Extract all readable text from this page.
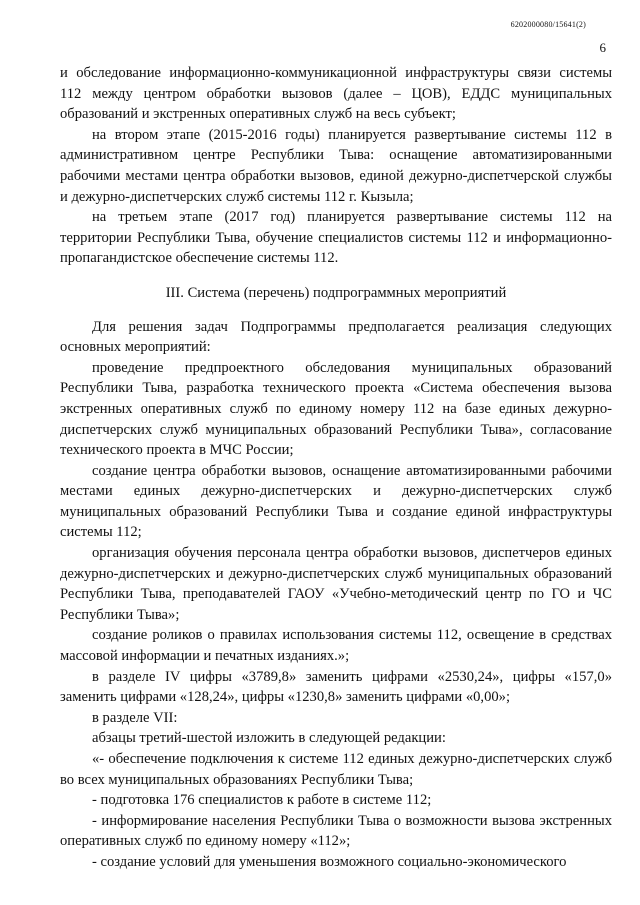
6202000080/15641(2)
6

и обследование информационно-коммуникационной инфраструктуры связи системы 112 между центром обработки вызовов (далее – ЦОВ), ЕДДС муниципальных образований и экстренных оперативных служб на весь субъект;

на втором этапе (2015-2016 годы) планируется развертывание системы 112 в административном центре Республики Тыва: оснащение автоматизированными рабочими местами центра обработки вызовов, единой дежурно-диспетчерской службы и дежурно-диспетчерских служб системы 112 г. Кызыла;

на третьем этапе (2017 год) планируется развертывание системы 112 на территории Республики Тыва, обучение специалистов системы 112 и информационно-пропагандистское обеспечение системы 112.

III. Система (перечень) подпрограммных мероприятий

Для решения задач Подпрограммы предполагается реализация следующих основных мероприятий:

проведение предпроектного обследования муниципальных образований Республики Тыва, разработка технического проекта «Система обеспечения вызова экстренных оперативных служб по единому номеру 112 на базе единых дежурно-диспетчерских служб муниципальных образований Республики Тыва», согласование технического проекта в МЧС России;

создание центра обработки вызовов, оснащение автоматизированными рабочими местами единых дежурно-диспетчерских и дежурно-диспетчерских служб муниципальных образований Республики Тыва и создание единой инфраструктуры системы 112;

организация обучения персонала центра обработки вызовов, диспетчеров единых дежурно-диспетчерских и дежурно-диспетчерских служб муниципальных образований Республики Тыва, преподавателей ГАОУ «Учебно-методический центр по ГО и ЧС Республики Тыва»;

создание роликов о правилах использования системы 112, освещение в средствах массовой информации и печатных изданиях.»;

в разделе IV цифры «3789,8» заменить цифрами «2530,24», цифры «157,0» заменить цифрами «128,24», цифры «1230,8» заменить цифрами «0,00»;

в разделе VII:

абзацы третий-шестой изложить в следующей редакции:

«- обеспечение подключения к системе 112 единых дежурно-диспетчерских служб во всех муниципальных образованиях Республики Тыва;

- подготовка 176 специалистов к работе в системе 112;

- информирование населения Республики Тыва о возможности вызова экстренных оперативных служб по единому номеру «112»;

- создание условий для уменьшения возможного социально-экономического
